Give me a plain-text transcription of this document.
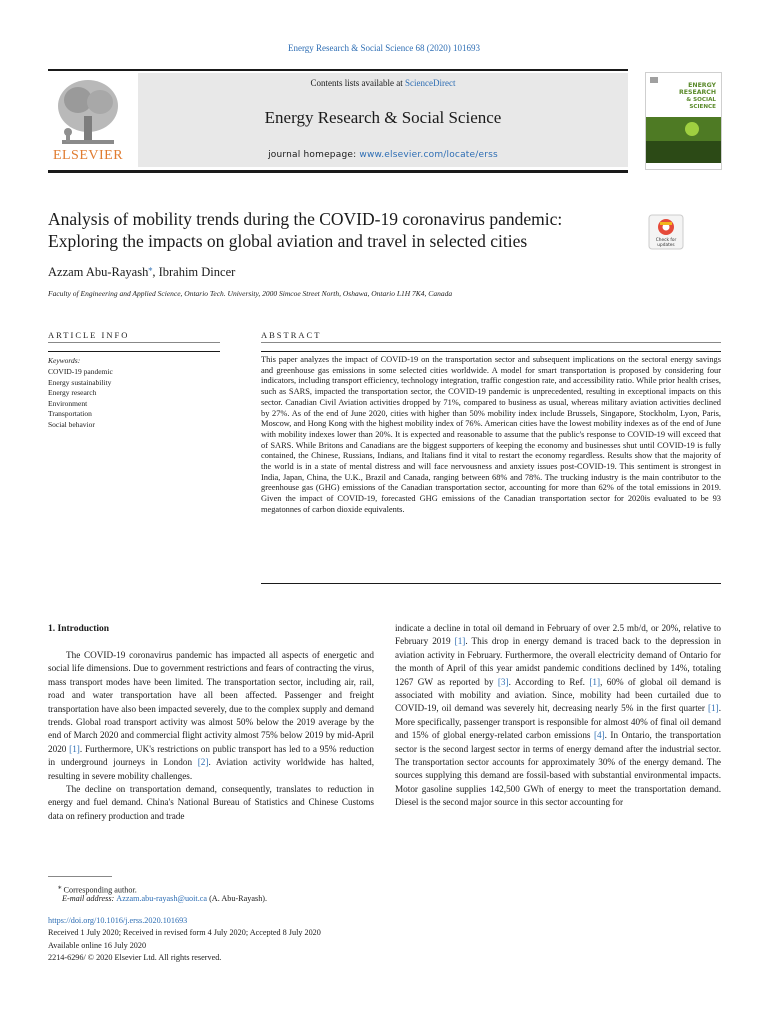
Energy Research & Social Science 68 (2020) 101693
ELSEVIER
Contents lists available at ScienceDirect
Energy Research & Social Science
journal homepage: www.elsevier.com/locate/erss
ENERGY
RESEARCH
& SOCIAL
SCIENCE
Analysis of mobility trends during the COVID-19 coronavirus pandemic:
Exploring the impacts on global aviation and travel in selected cities	Check for
updates
Azzam Abu-Rayash⁎, Ibrahim Dincer
Faculty of Engineering and Applied Science, Ontario Tech. University, 2000 Simcoe Street North, Oshawa, Ontario L1H 7K4, Canada
ARTICLE INFO	ABSTRACT
Keywords:
COVID-19 pandemic
Energy sustainability
Energy research
Environment
Transportation
Social behavior
This paper analyzes the impact of COVID-19 on the transportation sector and subsequent implications on the sectoral energy savings and greenhouse gas emissions in some selected cities worldwide. A model for smart transportation is proposed by considering four indicators, including transport efficiency, technology integration, traffic congestion rate, and accessibility ratio. While prior health crises, such as SARS, impacted the transportation sector, the COVID-19 pandemic is unprecedented, resulting in exceptional impacts on this sector. Canadian Civil Aviation activities dropped by 71%, compared to business as usual, whereas military aviation activities declined by 27%. As of the end of June 2020, cities with higher than 50% mobility index include Brussels, Singapore, Stockholm, Lyon, Paris, Moscow, and Hong Kong with the highest mobility index of 76%. American cities have the lowest mobility indexes as of the end of June with mobility indexes lower than 20%. It is expected and reasonable to assume that the public's response to COVID-19 will exceed that of SARS. While Britons and Canadians are the biggest supporters of keeping the economy and businesses shut until COVID-19 is fully contained, the Chinese, Russians, Indians, and Italians find it vital to restart the economy regardless. Results show that the majority of the world is in a state of mental distress and will face nervousness and anxiety issues post-COVID-19. This sentiment is strongest in India, Japan, China, the U.K., Brazil and Canada, ranging between 68% and 78%. The trucking industry is the main contributor to the greenhouse gas (GHG) emissions of the Canadian transportation sector, accounting for more than 62% of the total emissions in 2019. Given the impact of COVID-19, forecasted GHG emissions of the Canadian transportation sector for 2020is evaluated to be 93 megatonnes of carbon dioxide equivalents.
1. Introduction

The COVID-19 coronavirus pandemic has impacted all aspects of energetic and social life dimensions. Due to government restrictions and fears of contracting the virus, mass transport modes have been limited. The transportation sector, including air, rail, road and water transportation have all been affected. Passenger and freight transportation have also been impacted severely, due to the complex supply and demand trends. Global road transport activity was almost 50% below the 2019 average by the end of March 2020 and commercial flight activity almost 75% below 2019 by mid-April 2020 [1]. Furthermore, UK's restrictions on public transport has led to a 95% reduction in underground journeys in London [2]. Aviation activity worldwide has halted, resulting in severe mobility challenges.

The decline on transportation demand, consequently, translates to reduction in energy and fuel demand. China's National Bureau of Statistics and Chinese Customs data on refinery production and trade

indicate a decline in total oil demand in February of over 2.5 mb/d, or 20%, relative to February 2019 [1]. This drop in energy demand is traced back to the depression in aviation activity in February. Furthermore, the overall electricity demand of Ontario for the month of April of this year amidst pandemic conditions declined by 14%, totaling 1267 GW as reported by [3]. According to Ref. [1], 60% of global oil demand is associated with mobility and aviation. Since, mobility had been curtailed due to COVID-19, oil demand was severely hit, decreasing nearly 5% in the first quarter [1]. More specifically, passenger transport is responsible for almost 40% of final oil demand and 15% of global energy-related carbon emissions [4]. In Ontario, the transportation sector is the second largest sector in terms of energy demand after the industrial sector. The transportation sector accounts for approximately 30% of the energy demand. The sources supplying this demand are fossil-based with substantial environmental impacts. Motor gasoline supplies 142,500 GWh of energy to meet the transportation demand. Diesel is the second major source in this sector accounting for

⁎ Corresponding author.
E-mail address: Azzam.abu-rayash@uoit.ca (A. Abu-Rayash).
https://doi.org/10.1016/j.erss.2020.101693
Received 1 July 2020; Received in revised form 4 July 2020; Accepted 8 July 2020
Available online 16 July 2020
2214-6296/ © 2020 Elsevier Ltd. All rights reserved.
